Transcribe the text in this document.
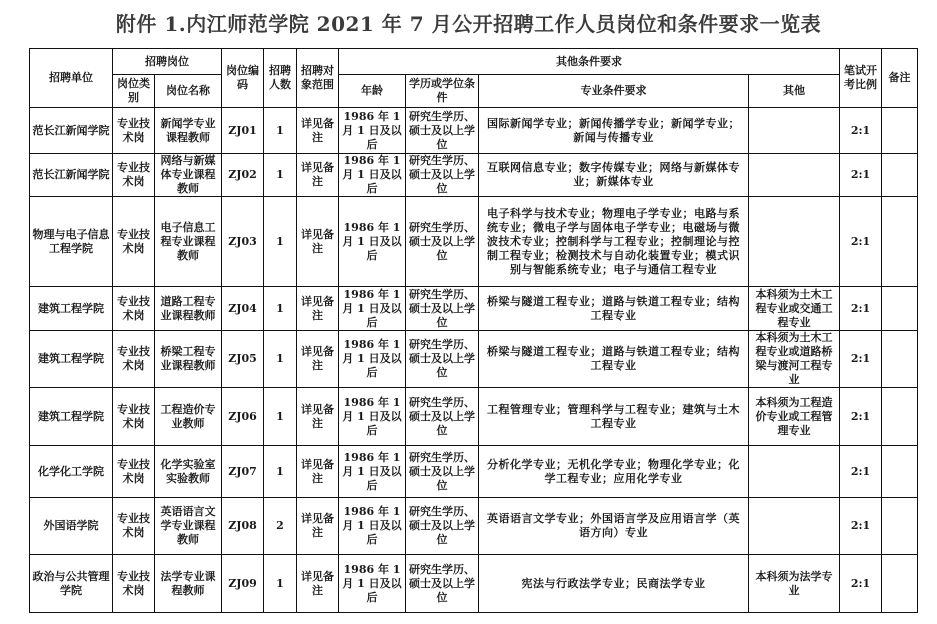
附件 1.内江师范学院 2021 年 7 月公开招聘工作人员岗位和条件要求一览表
招聘单位	招聘岗位		岗位编码	招聘人数	招聘对象范围	其他条件要求				笔试开考比例	备注
	岗位类别	岗位名称				年龄	学历或学位条件	专业条件要求	其他		
范长江新闻学院	专业技术岗	新闻学专业课程教师	ZJ01	1	详见备注	1986 年 1 月 1 日及以后	研究生学历、硕士及以上学位	国际新闻学专业；新闻传播学专业；新闻学专业；新闻与传播专业		2:1	
范长江新闻学院	专业技术岗	网络与新媒体专业课程教师	ZJ02	1	详见备注	1986 年 1 月 1 日及以后	研究生学历、硕士及以上学位	互联网信息专业；数字传媒专业；网络与新媒体专业；新媒体专业		2:1	
物理与电子信息工程学院	专业技术岗	电子信息工程专业课程教师	ZJ03	1	详见备注	1986 年 1 月 1 日及以后	研究生学历、硕士及以上学位	电子科学与技术专业；物理电子学专业；电路与系统专业；微电子学与固体电子学专业；电磁场与微波技术专业；控制科学与工程专业；控制理论与控制工程专业；检测技术与自动化装置专业；模式识别与智能系统专业；电子与通信工程专业		2:1	
建筑工程学院	专业技术岗	道路工程专业课程教师	ZJ04	1	详见备注	1986 年 1 月 1 日及以后	研究生学历、硕士及以上学位	桥梁与隧道工程专业；道路与铁道工程专业；结构工程专业	本科须为土木工程专业或交通工程专业	2:1	
建筑工程学院	专业技术岗	桥梁工程专业课程教师	ZJ05	1	详见备注	1986 年 1 月 1 日及以后	研究生学历、硕士及以上学位	桥梁与隧道工程专业；道路与铁道工程专业；结构工程专业	本科须为土木工程专业或道路桥梁与渡河工程专业	2:1	
建筑工程学院	专业技术岗	工程造价专业教师	ZJ06	1	详见备注	1986 年 1 月 1 日及以后	研究生学历、硕士及以上学位	工程管理专业；管理科学与工程专业；建筑与土木工程专业	本科须为工程造价专业或工程管理专业	2:1	
化学化工学院	专业技术岗	化学实验室实验教师	ZJ07	1	详见备注	1986 年 1 月 1 日及以后	研究生学历、硕士及以上学位	分析化学专业；无机化学专业；物理化学专业；化学工程专业；应用化学专业		2:1	
外国语学院	专业技术岗	英语语言文学专业课程教师	ZJ08	2	详见备注	1986 年 1 月 1 日及以后	研究生学历、硕士及以上学位	英语语言文学专业；外国语言学及应用语言学（英语方向）专业		2:1	
政治与公共管理学院	专业技术岗	法学专业课程教师	ZJ09	1	详见备注	1986 年 1 月 1 日及以后	研究生学历、硕士及以上学位	宪法与行政法学专业；民商法学专业	本科须为法学专业	2:1	
